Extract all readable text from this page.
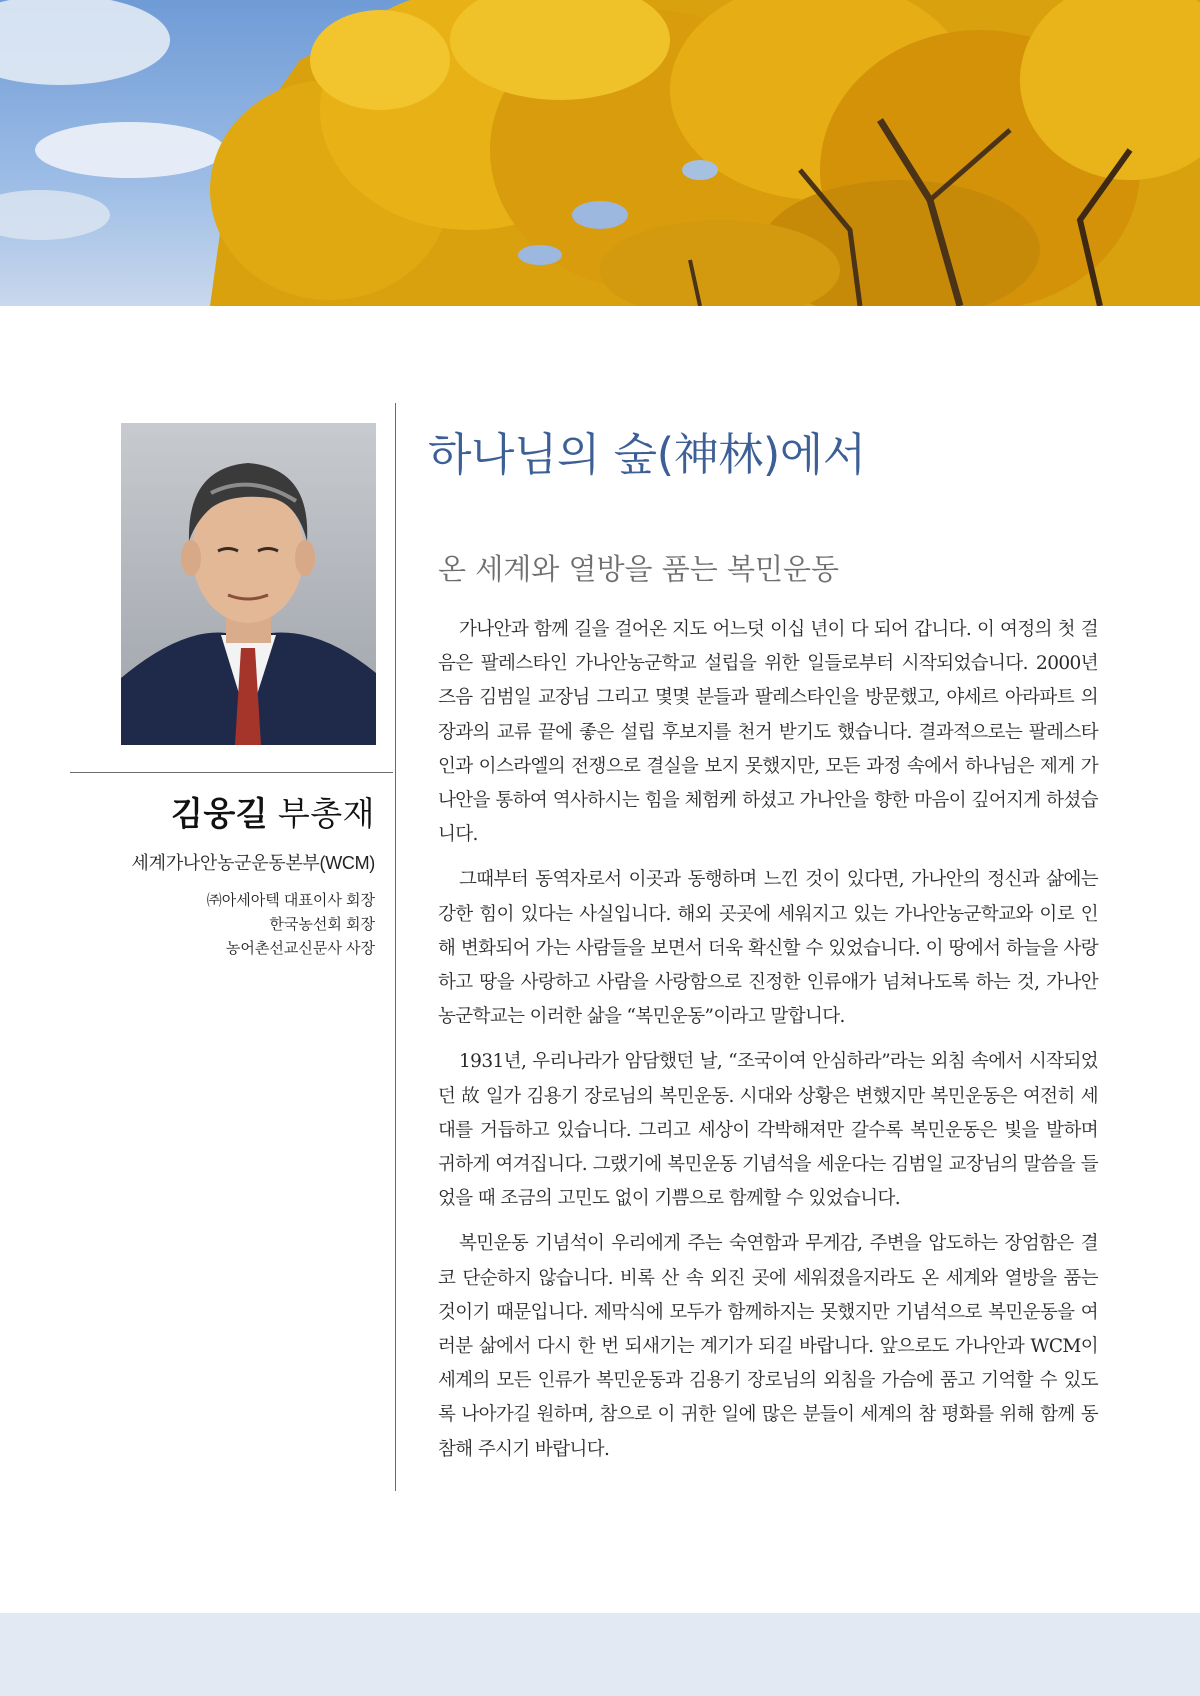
김웅길 부총재
세계가나안농군운동본부(WCM)
㈜아세아텍 대표이사 회장
한국농선회 회장
농어촌선교신문사 사장
하나님의 숲(神林)에서
온 세계와 열방을 품는 복민운동

가나안과 함께 길을 걸어온 지도 어느덧 이십 년이 다 되어 갑니다. 이 여정의 첫 걸음은 팔레스타인 가나안농군학교 설립을 위한 일들로부터 시작되었습니다. 2000년 즈음 김범일 교장님 그리고 몇몇 분들과 팔레스타인을 방문했고, 야세르 아라파트 의장과의 교류 끝에 좋은 설립 후보지를 천거 받기도 했습니다. 결과적으로는 팔레스타인과 이스라엘의 전쟁으로 결실을 보지 못했지만, 모든 과정 속에서 하나님은 제게 가나안을 통하여 역사하시는 힘을 체험케 하셨고 가나안을 향한 마음이 깊어지게 하셨습니다.

그때부터 동역자로서 이곳과 동행하며 느낀 것이 있다면, 가나안의 정신과 삶에는 강한 힘이 있다는 사실입니다. 해외 곳곳에 세워지고 있는 가나안농군학교와 이로 인해 변화되어 가는 사람들을 보면서 더욱 확신할 수 있었습니다. 이 땅에서 하늘을 사랑하고 땅을 사랑하고 사람을 사랑함으로 진정한 인류애가 넘쳐나도록 하는 것, 가나안농군학교는 이러한 삶을 “복민운동”이라고 말합니다.

1931년, 우리나라가 암담했던 날, “조국이여 안심하라”라는 외침 속에서 시작되었던 故 일가 김용기 장로님의 복민운동. 시대와 상황은 변했지만 복민운동은 여전히 세대를 거듭하고 있습니다. 그리고 세상이 각박해져만 갈수록 복민운동은 빛을 발하며 귀하게 여겨집니다. 그랬기에 복민운동 기념석을 세운다는 김범일 교장님의 말씀을 들었을 때 조금의 고민도 없이 기쁨으로 함께할 수 있었습니다.

복민운동 기념석이 우리에게 주는 숙연함과 무게감, 주변을 압도하는 장엄함은 결코 단순하지 않습니다. 비록 산 속 외진 곳에 세워졌을지라도 온 세계와 열방을 품는 것이기 때문입니다. 제막식에 모두가 함께하지는 못했지만 기념석으로 복민운동을 여러분 삶에서 다시 한 번 되새기는 계기가 되길 바랍니다. 앞으로도 가나안과 WCM이 세계의 모든 인류가 복민운동과 김용기 장로님의 외침을 가슴에 품고 기억할 수 있도록 나아가길 원하며, 참으로 이 귀한 일에 많은 분들이 세계의 참 평화를 위해 함께 동참해 주시기 바랍니다.
